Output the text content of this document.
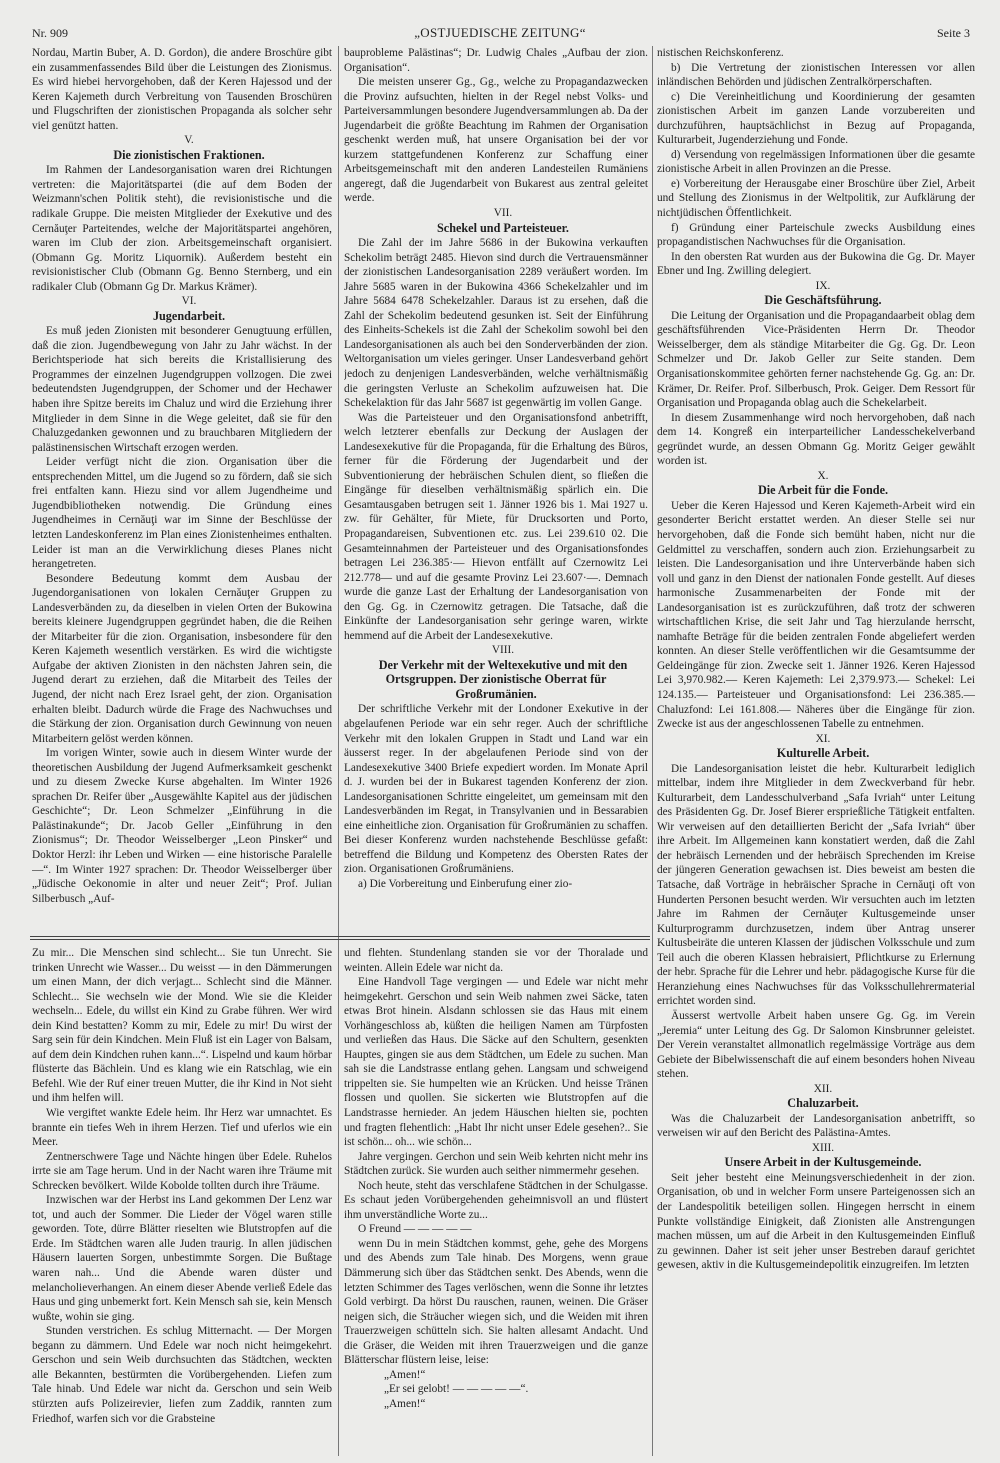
Nr. 909	„OSTJUEDISCHE ZEITUNG“	Seite 3

Nordau, Martin Buber, A. D. Gordon), die andere Broschüre gibt ein zusammenfassendes Bild über die Leistungen des Zionismus. Es wird hiebei hervorgehoben, daß der Keren Hajessod und der Keren Kajemeth durch Verbreitung von Tausenden Broschüren und Flugschriften der zionistischen Propaganda als solcher sehr viel genützt hatten.

V.

Die zionistischen Fraktionen.

Im Rahmen der Landesorganisation waren drei Richtungen vertreten: die Majoritätspartei (die auf dem Boden der Weizmann'schen Politik steht), die revisionistische und die radikale Gruppe. Die meisten Mitglieder der Exekutive und des Cernăuţer Parteitendes, welche der Majoritätspartei angehören, waren im Club der zion. Arbeitsgemeinschaft organisiert. (Obmann Gg. Moritz Liquornik). Außerdem besteht ein revisionistischer Club (Obmann Gg. Benno Sternberg, und ein radikaler Club (Obmann Gg Dr. Markus Krämer).

VI.

Jugendarbeit.

Es muß jeden Zionisten mit besonderer Genugtuung erfüllen, daß die zion. Jugendbewegung von Jahr zu Jahr wächst. In der Berichtsperiode hat sich bereits die Kristallisierung des Programmes der einzelnen Jugendgruppen vollzogen. Die zwei bedeutendsten Jugendgruppen, der Schomer und der Hechawer haben ihre Spitze bereits im Chaluz und wird die Erziehung ihrer Mitglieder in dem Sinne in die Wege geleitet, daß sie für den Chaluzgedanken gewonnen und zu brauchbaren Mitgliedern der palästinensischen Wirtschaft erzogen werden.

Leider verfügt nicht die zion. Organisation über die entsprechenden Mittel, um die Jugend so zu fördern, daß sie sich frei entfalten kann. Hiezu sind vor allem Jugendheime und Jugendbibliotheken notwendig. Die Gründung eines Jugendheimes in Cernăuţi war im Sinne der Beschlüsse der letzten Landeskonferenz im Plan eines Zionistenheimes enthalten. Leider ist man an die Verwirklichung dieses Planes nicht herangetreten.

Besondere Bedeutung kommt dem Ausbau der Jugendorganisationen von lokalen Cernăuţer Gruppen zu Landesverbänden zu, da dieselben in vielen Orten der Bukowina bereits kleinere Jugendgruppen gegründet haben, die die Reihen der Mitarbeiter für die zion. Organisation, insbesondere für den Keren Kajemeth wesentlich verstärken. Es wird die wichtigste Aufgabe der aktiven Zionisten in den nächsten Jahren sein, die Jugend derart zu erziehen, daß die Mitarbeit des Teiles der Jugend, der nicht nach Erez Israel geht, der zion. Organisation erhalten bleibt. Dadurch würde die Frage des Nachwuchses und die Stärkung der zion. Organisation durch Gewinnung von neuen Mitarbeitern gelöst werden können.

Im vorigen Winter, sowie auch in diesem Winter wurde der theoretischen Ausbildung der Jugend Aufmerksamkeit geschenkt und zu diesem Zwecke Kurse abgehalten. Im Winter 1926 sprachen Dr. Reifer über „Ausgewählte Kapitel aus der jüdischen Geschichte“; Dr. Leon Schmelzer „Einführung in die Palästinakunde“; Dr. Jacob Geller „Einführung in den Zionismus“; Dr. Theodor Weisselberger „Leon Pinsker“ und Doktor Herzl: ihr Leben und Wirken — eine historische Paralelle —“. Im Winter 1927 sprachen: Dr. Theodor Weisselberger über „Jüdische Oekonomie in alter und neuer Zeit“; Prof. Julian Silberbusch „Auf-

bauprobleme Palästinas“; Dr. Ludwig Chales „Aufbau der zion. Organisation“.

Die meisten unserer Gg., Gg., welche zu Propagandazwecken die Provinz aufsuchten, hielten in der Regel nebst Volks- und Parteiversammlungen besondere Jugendversammlungen ab. Da der Jugendarbeit die größte Beachtung im Rahmen der Organisation geschenkt werden muß, hat unsere Organisation bei der vor kurzem stattgefundenen Konferenz zur Schaffung einer Arbeitsgemeinschaft mit den anderen Landesteilen Rumäniens angeregt, daß die Jugendarbeit von Bukarest aus zentral geleitet werde.

VII.

Schekel und Parteisteuer.

Die Zahl der im Jahre 5686 in der Bukowina verkauften Schekolim beträgt 2485. Hievon sind durch die Vertrauensmänner der zionistischen Landesorganisation 2289 veräußert worden. Im Jahre 5685 waren in der Bukowina 4366 Schekelzahler und im Jahre 5684 6478 Schekelzahler. Daraus ist zu ersehen, daß die Zahl der Schekolim bedeutend gesunken ist. Seit der Einführung des Einheits-Schekels ist die Zahl der Schekolim sowohl bei den Landesorganisationen als auch bei den Sonderverbänden der zion. Weltorganisation um vieles geringer. Unser Landesverband gehört jedoch zu denjenigen Landesverbänden, welche verhältnismäßig die geringsten Verluste an Schekolim aufzuweisen hat. Die Schekelaktion für das Jahr 5687 ist gegenwärtig im vollen Gange.

Was die Parteisteuer und den Organisationsfond anbetrifft, welch letzterer ebenfalls zur Deckung der Auslagen der Landesexekutive für die Propaganda, für die Erhaltung des Büros, ferner für die Förderung der Jugendarbeit und der Subventionierung der hebräischen Schulen dient, so fließen die Eingänge für dieselben verhältnismäßig spärlich ein. Die Gesamtausgaben betrugen seit 1. Jänner 1926 bis 1. Mai 1927 u. zw. für Gehälter, für Miete, für Drucksorten und Porto, Propagandareisen, Subventionen etc. zus. Lei 239.610 02. Die Gesamteinnahmen der Parteisteuer und des Organisationsfondes betragen Lei 236.385·— Hievon entfällt auf Czernowitz Lei 212.778— und auf die gesamte Provinz Lei 23.607·—. Demnach wurde die ganze Last der Erhaltung der Landesorganisation von den Gg. Gg. in Czernowitz getragen. Die Tatsache, daß die Einkünfte der Landesorganisation sehr geringe waren, wirkte hemmend auf die Arbeit der Landesexekutive.

VIII.

Der Verkehr mit der Weltexekutive und mit den Ortsgruppen. Der zionistische Oberrat für Großrumänien.

Der schriftliche Verkehr mit der Londoner Exekutive in der abgelaufenen Periode war ein sehr reger. Auch der schriftliche Verkehr mit den lokalen Gruppen in Stadt und Land war ein äusserst reger. In der abgelaufenen Periode sind von der Landesexekutive 3400 Briefe expediert worden. Im Monate April d. J. wurden bei der in Bukarest tagenden Konferenz der zion. Landesorganisationen Schritte eingeleitet, um gemeinsam mit den Landesverbänden im Regat, in Transylvanien und in Bessarabien eine einheitliche zion. Organisation für Großrumänien zu schaffen. Bei dieser Konferenz wurden nachstehende Beschlüsse gefaßt: betreffend die Bildung und Kompetenz des Obersten Rates der zion. Organisationen Großrumäniens.

a) Die Vorbereitung und Einberufung einer zio-

nistischen Reichskonferenz.

b) Die Vertretung der zionistischen Interessen vor allen inländischen Behörden und jüdischen Zentralkörperschaften.

c) Die Vereinheitlichung und Koordinierung der gesamten zionistischen Arbeit im ganzen Lande vorzubereiten und durchzuführen, hauptsächlichst in Bezug auf Propaganda, Kulturarbeit, Jugenderziehung und Fonde.

d) Versendung von regelmässigen Informationen über die gesamte zionistische Arbeit in allen Provinzen an die Presse.

e) Vorbereitung der Herausgabe einer Broschüre über Ziel, Arbeit und Stellung des Zionismus in der Weltpolitik, zur Aufklärung der nichtjüdischen Öffentlichkeit.

f) Gründung einer Parteischule zwecks Ausbildung eines propagandistischen Nachwuchses für die Organisation.

In den obersten Rat wurden aus der Bukowina die Gg. Dr. Mayer Ebner und Ing. Zwilling delegiert.

IX.

Die Geschäftsführung.

Die Leitung der Organisation und die Propagandaarbeit oblag dem geschäftsführenden Vice-Präsidenten Herrn Dr. Theodor Weisselberger, dem als ständige Mitarbeiter die Gg. Gg. Dr. Leon Schmelzer und Dr. Jakob Geller zur Seite standen. Dem Organisationskommitee gehörten ferner nachstehende Gg. Gg. an: Dr. Krämer, Dr. Reifer. Prof. Silberbusch, Prok. Geiger. Dem Ressort für Organisation und Propaganda oblag auch die Schekelarbeit.

In diesem Zusammenhange wird noch hervorgehoben, daß nach dem 14. Kongreß ein interparteilicher Landesschekelverband gegründet wurde, an dessen Obmann Gg. Moritz Geiger gewählt worden ist.

X.

Die Arbeit für die Fonde.

Ueber die Keren Hajessod und Keren Kajemeth-Arbeit wird ein gesonderter Bericht erstattet werden. An dieser Stelle sei nur hervorgehoben, daß die Fonde sich bemüht haben, nicht nur die Geldmittel zu verschaffen, sondern auch zion. Erziehungsarbeit zu leisten. Die Landesorganisation und ihre Unterverbände haben sich voll und ganz in den Dienst der nationalen Fonde gestellt. Auf dieses harmonische Zusammenarbeiten der Fonde mit der Landesorganisation ist es zurückzuführen, daß trotz der schweren wirtschaftlichen Krise, die seit Jahr und Tag hierzulande herrscht, namhafte Beträge für die beiden zentralen Fonde abgeliefert werden konnten. An dieser Stelle veröffentlichen wir die Gesamtsumme der Geldeingänge für zion. Zwecke seit 1. Jänner 1926. Keren Hajessod Lei 3,970.982.— Keren Kajemeth: Lei 2,379.973.— Schekel: Lei 124.135.— Parteisteuer und Organisationsfond: Lei 236.385.— Chaluzfond: Lei 161.808.— Näheres über die Eingänge für zion. Zwecke ist aus der angeschlossenen Tabelle zu entnehmen.

XI.

Kulturelle Arbeit.

Die Landesorganisation leistet die hebr. Kulturarbeit lediglich mittelbar, indem ihre Mitglieder in dem Zweckverband für hebr. Kulturarbeit, dem Landesschulverband „Safa Ivriah“ unter Leitung des Präsidenten Gg. Dr. Josef Bierer ersprießliche Tätigkeit entfalten. Wir verweisen auf den detaillierten Bericht der „Safa Ivriah“ über ihre Arbeit. Im Allgemeinen kann konstatiert werden, daß die Zahl der hebräisch Lernenden und der hebräisch Sprechenden im Kreise der jüngeren Generation gewachsen ist. Dies beweist am besten die Tatsache, daß Vorträge in hebräischer Sprache in Cernăuţi oft von Hunderten Personen besucht werden. Wir versuchten auch im letzten Jahre im Rahmen der Cernăuţer Kultusgemeinde unser Kulturprogramm durchzusetzen, indem über Antrag unserer Kultusbeiräte die unteren Klassen der jüdischen Volksschule und zum Teil auch die oberen Klassen hebraisiert, Pflichtkurse zu Erlernung der hebr. Sprache für die Lehrer und hebr. pädagogische Kurse für die Heranziehung eines Nachwuchses für das Volksschullehrermaterial errichtet worden sind.

Äusserst wertvolle Arbeit haben unsere Gg. Gg. im Verein „Jeremia“ unter Leitung des Gg. Dr Salomon Kinsbrunner geleistet. Der Verein veranstaltet allmonatlich regelmässige Vorträge aus dem Gebiete der Bibelwissenschaft die auf einem besonders hohen Niveau stehen.

XII.

Chaluzarbeit.

Was die Chaluzarbeit der Landesorganisation anbetrifft, so verweisen wir auf den Bericht des Palästina-Amtes.

XIII.

Unsere Arbeit in der Kultusgemeinde.

Seit jeher besteht eine Meinungsverschiedenheit in der zion. Organisation, ob und in welcher Form unsere Parteigenossen sich an der Landespolitik beteiligen sollen. Hingegen herrscht in einem Punkte vollständige Einigkeit, daß Zionisten alle Anstrengungen machen müssen, um auf die Arbeit in den Kultusgemeinden Einfluß zu gewinnen. Daher ist seit jeher unser Bestreben darauf gerichtet gewesen, aktiv in die Kultusgemeindepolitik einzugreifen. Im letzten

Zu mir... Die Menschen sind schlecht... Sie tun Unrecht. Sie trinken Unrecht wie Wasser... Du weisst — in den Dämmerungen um einen Mann, der dich verjagt... Schlecht sind die Männer. Schlecht... Sie wechseln wie der Mond. Wie sie die Kleider wechseln... Edele, du willst ein Kind zu Grabe führen. Wer wird dein Kind bestatten? Komm zu mir, Edele zu mir! Du wirst der Sarg sein für dein Kindchen. Mein Fluß ist ein Lager von Balsam, auf dem dein Kindchen ruhen kann...“. Lispelnd und kaum hörbar flüsterte das Bächlein. Und es klang wie ein Ratschlag, wie ein Befehl. Wie der Ruf einer treuen Mutter, die ihr Kind in Not sieht und ihm helfen will.

Wie vergiftet wankte Edele heim. Ihr Herz war umnachtet. Es brannte ein tiefes Weh in ihrem Herzen. Tief und uferlos wie ein Meer.

Zentnerschwere Tage und Nächte hingen über Edele. Ruhelos irrte sie am Tage herum. Und in der Nacht waren ihre Träume mit Schrecken bevölkert. Wilde Kobolde tollten durch ihre Träume.

Inzwischen war der Herbst ins Land gekommen Der Lenz war tot, und auch der Sommer. Die Lieder der Vögel waren stille geworden. Tote, dürre Blätter rieselten wie Blutstropfen auf die Erde. Im Städtchen waren alle Juden traurig. In allen jüdischen Häusern lauerten Sorgen, unbestimmte Sorgen. Die Bußtage waren nah... Und die Abende waren düster und melancholieverhangen. An einem dieser Abende verließ Edele das Haus und ging unbemerkt fort. Kein Mensch sah sie, kein Mensch wußte, wohin sie ging.

Stunden verstrichen. Es schlug Mitternacht. — Der Morgen begann zu dämmern. Und Edele war noch nicht heimgekehrt. Gerschon und sein Weib durchsuchten das Städtchen, weckten alle Bekannten, bestürmten die Vorübergehenden. Liefen zum Tale hinab. Und Edele war nicht da. Gerschon und sein Weib stürzten aufs Polizeirevier, liefen zum Zaddik, rannten zum Friedhof, warfen sich vor die Grabsteine

und flehten. Stundenlang standen sie vor der Thoralade und weinten. Allein Edele war nicht da.

Eine Handvoll Tage vergingen — und Edele war nicht mehr heimgekehrt. Gerschon und sein Weib nahmen zwei Säcke, taten etwas Brot hinein. Alsdann schlossen sie das Haus mit einem Vorhängeschloss ab, küßten die heiligen Namen am Türpfosten und verließen das Haus. Die Säcke auf den Schultern, gesenkten Hauptes, gingen sie aus dem Städtchen, um Edele zu suchen. Man sah sie die Landstrasse entlang gehen. Langsam und schweigend trippelten sie. Sie humpelten wie an Krücken. Und heisse Tränen flossen und quollen. Sie sickerten wie Blutstropfen auf die Landstrasse hernieder. An jedem Häuschen hielten sie, pochten und fragten flehentlich: „Habt Ihr nicht unser Edele gesehen?.. Sie ist schön... oh... wie schön...

Jahre vergingen. Gerchon und sein Weib kehrten nicht mehr ins Städtchen zurück. Sie wurden auch seither nimmermehr gesehen.

Noch heute, steht das verschlafene Städtchen in der Schulgasse. Es schaut jeden Vorübergehenden geheimnisvoll an und flüstert ihm unverständliche Worte zu...

O Freund — — — — —

wenn Du in mein Städtchen kommst, gehe, gehe des Morgens und des Abends zum Tale hinab. Des Morgens, wenn graue Dämmerung sich über das Städtchen senkt. Des Abends, wenn die letzten Schimmer des Tages verlöschen, wenn die Sonne ihr letztes Gold verbirgt. Da hörst Du rauschen, raunen, weinen. Die Gräser neigen sich, die Sträucher wiegen sich, und die Weiden mit ihren Trauerzweigen schütteln sich. Sie halten allesamt Andacht. Und die Gräser, die Weiden mit ihren Trauerzweigen und die ganze Blätterschar flüstern leise, leise:

„Amen!“

„Er sei gelobt! — — — — —“.

„Amen!“
